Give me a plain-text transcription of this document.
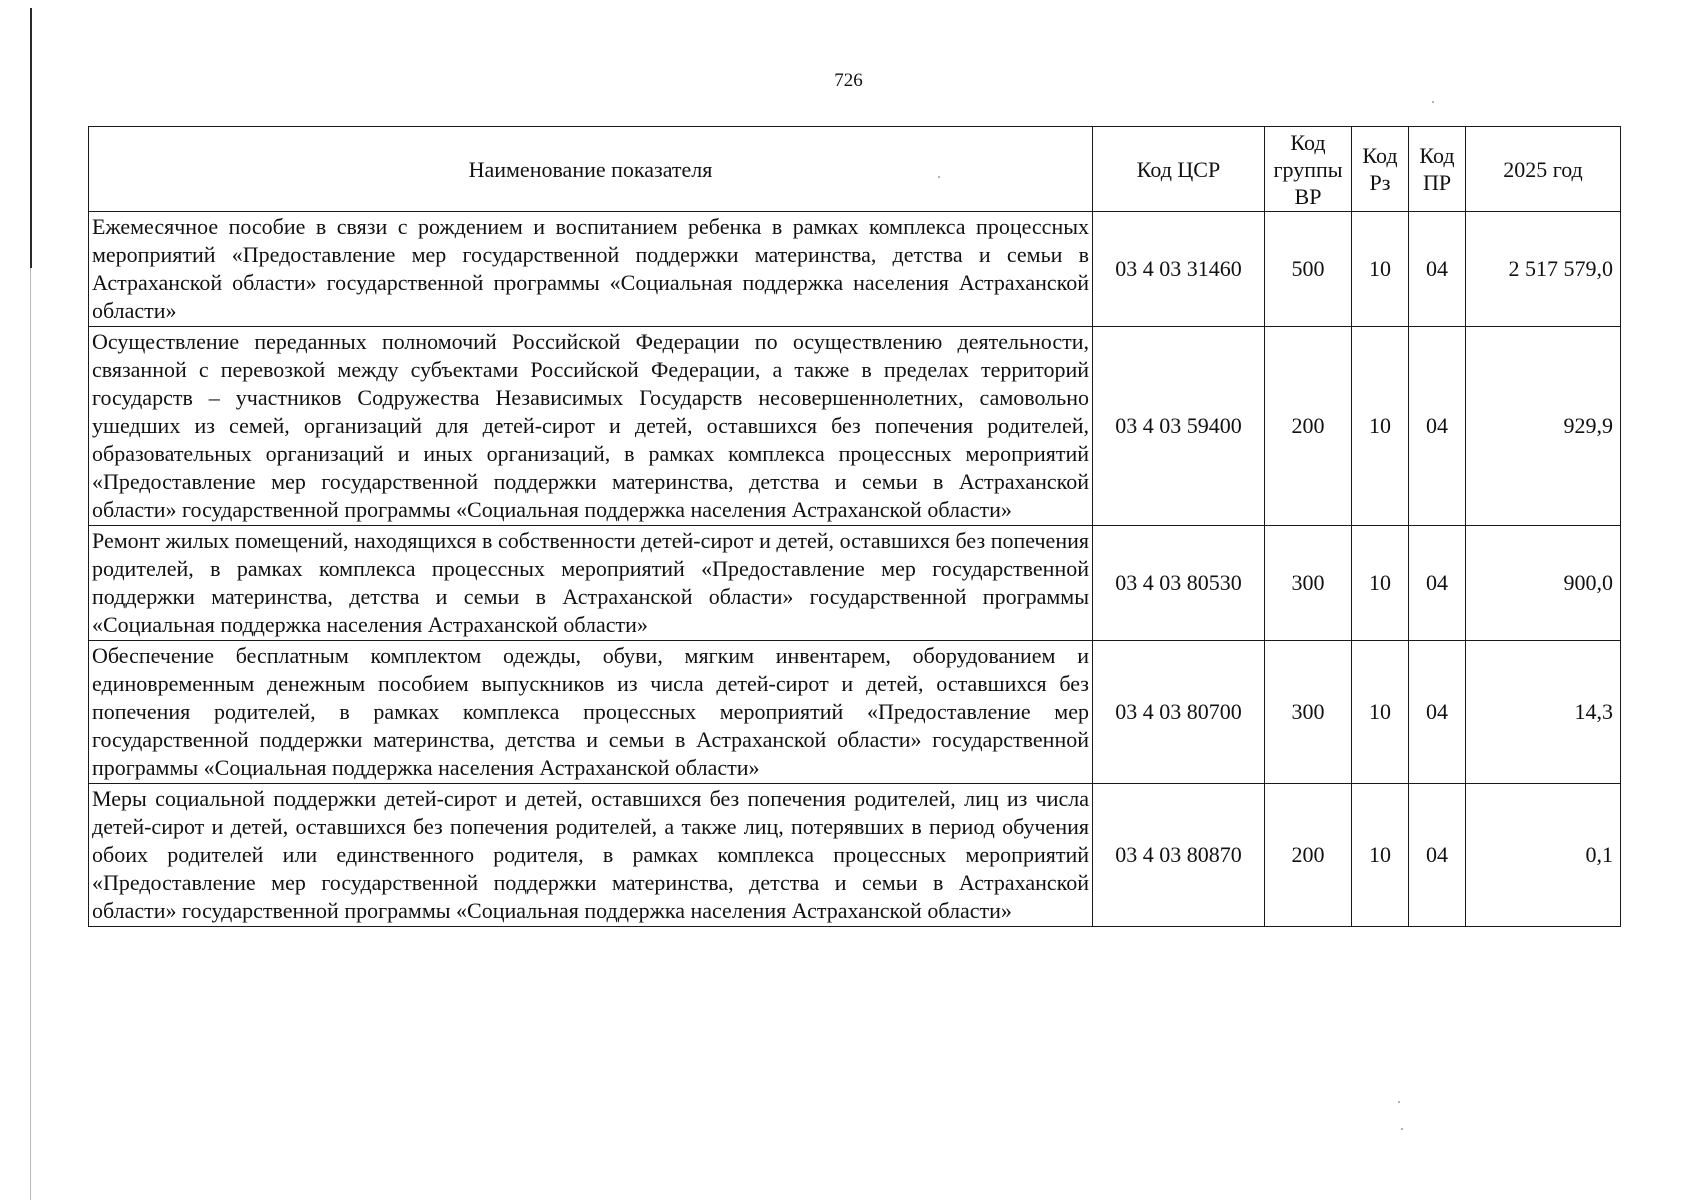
726
Наименование показателя	Код ЦСР	Код группы ВР	Код Рз	Код ПР	2025 год
Ежемесячное пособие в связи с рождением и воспитанием ребенка в рамках комплекса процессных мероприятий «Предоставление мер государственной поддержки материнства, детства и семьи в Астраханской области» государственной программы «Социальная поддержка населения Астраханской области»	03 4 03 31460	500	10	04	2 517 579,0
Осуществление переданных полномочий Российской Федерации по осуществлению деятельности, связанной с перевозкой между субъектами Российской Федерации, а также в пределах территорий государств – участников Содружества Независимых Государств несовершеннолетних, самовольно ушедших из семей, организаций для детей-сирот и детей, оставшихся без попечения родителей, образовательных организаций и иных организаций, в рамках комплекса процессных мероприятий «Предоставление мер государственной поддержки материнства, детства и семьи в Астраханской области» государственной программы «Социальная поддержка населения Астраханской области»	03 4 03 59400	200	10	04	929,9
Ремонт жилых помещений, находящихся в собственности детей-сирот и детей, оставшихся без попечения родителей, в рамках комплекса процессных мероприятий «Предоставление мер государственной поддержки материнства, детства и семьи в Астраханской области» государственной программы «Социальная поддержка населения Астраханской области»	03 4 03 80530	300	10	04	900,0
Обеспечение бесплатным комплектом одежды, обуви, мягким инвентарем, оборудованием и единовременным денежным пособием выпускников из числа детей-сирот и детей, оставшихся без попечения родителей, в рамках комплекса процессных мероприятий «Предоставление мер государственной поддержки материнства, детства и семьи в Астраханской области» государственной программы «Социальная поддержка населения Астраханской области»	03 4 03 80700	300	10	04	14,3
Меры социальной поддержки детей-сирот и детей, оставшихся без попечения родителей, лиц из числа детей-сирот и детей, оставшихся без попечения родителей, а также лиц, потерявших в период обучения обоих родителей или единственного родителя, в рамках комплекса процессных мероприятий «Предоставление мер государственной поддержки материнства, детства и семьи в Астраханской области» государственной программы «Социальная поддержка населения Астраханской области»	03 4 03 80870	200	10	04	0,1
